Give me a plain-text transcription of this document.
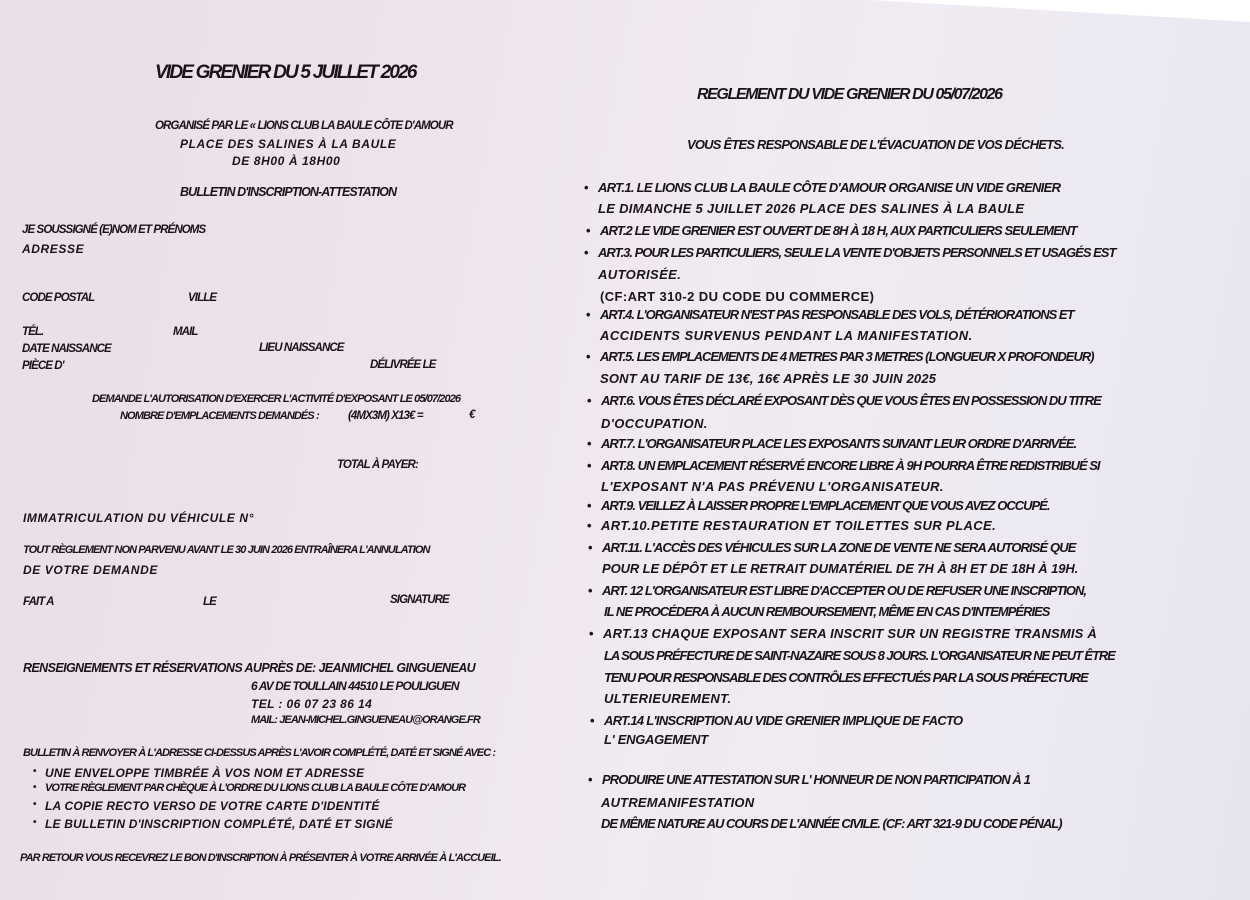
VIDE GRENIER DU 5 JUILLET 2026
ORGANISÉ PAR LE « LIONS CLUB LA BAULE CÔTE D'AMOUR
PLACE DES SALINES À LA BAULE
DE 8H00 À 18H00
BULLETIN D'INSCRIPTION-ATTESTATION
JE SOUSSIGNÉ (E)NOM ET PRÉNOMS
ADRESSE
CODE POSTAL	VILLE
TÉL.	MAIL
DATE NAISSANCE	LIEU NAISSANCE
PIÈCE D'	DÉLIVRÉE LE
DEMANDE L'AUTORISATION D'EXERCER L'ACTIVITÉ D'EXPOSANT LE 05/07/2026
NOMBRE D'EMPLACEMENTS DEMANDÉS :	(4MX3M) X13€ =	€
TOTAL À PAYER:
IMMATRICULATION DU VÉHICULE N°
TOUT RÈGLEMENT NON PARVENU AVANT LE 30 JUIN 2026 ENTRAÎNERA L'ANNULATION
DE VOTRE DEMANDE
FAIT A	LE	SIGNATURE
RENSEIGNEMENTS ET RÉSERVATIONS AUPRÈS DE: JEANMICHEL GINGUENEAU
6 AV DE TOULLAIN 44510 LE POULIGUEN
TEL : 06 07 23 86 14
MAIL: JEAN-MICHEL.GINGUENEAU@ORANGE.FR
BULLETIN À RENVOYER À L'ADRESSE CI-DESSUS APRÈS L'AVOIR COMPLÉTÉ, DATÉ ET SIGNÉ AVEC :
• UNE ENVELOPPE TIMBRÉE À VOS NOM ET ADRESSE
• VOTRE RÈGLEMENT PAR CHÈQUE À L'ORDRE DU LIONS CLUB LA BAULE CÔTE D'AMOUR
• LA COPIE RECTO VERSO DE VOTRE CARTE D'IDENTITÉ
• LE BULLETIN D'INSCRIPTION COMPLÉTÉ, DATÉ ET SIGNÉ
PAR RETOUR VOUS RECEVREZ LE BON D'INSCRIPTION À PRÉSENTER À VOTRE ARRIVÉE À L'ACCUEIL.
REGLEMENT DU VIDE GRENIER DU 05/07/2026
VOUS ÊTES RESPONSABLE DE L'ÉVACUATION DE VOS DÉCHETS.
• ART.1. LE LIONS CLUB LA BAULE CÔTE D'AMOUR ORGANISE UN VIDE GRENIER
LE DIMANCHE 5 JUILLET 2026 PLACE DES SALINES À LA BAULE
• ART.2 LE VIDE GRENIER EST OUVERT DE 8H À 18 H, AUX PARTICULIERS SEULEMENT
• ART.3. POUR LES PARTICULIERS, SEULE LA VENTE D'OBJETS PERSONNELS ET USAGÉS EST
AUTORISÉE.
(CF:ART 310-2 DU CODE DU COMMERCE)
• ART.4. L'ORGANISATEUR N'EST PAS RESPONSABLE DES VOLS, DÉTÉRIORATIONS ET
ACCIDENTS SURVENUS PENDANT LA MANIFESTATION.
• ART.5. LES EMPLACEMENTS DE 4 METRES PAR 3 METRES (LONGUEUR X PROFONDEUR)
SONT AU TARIF DE 13€, 16€ APRÈS LE 30 JUIN 2025
• ART.6. VOUS ÊTES DÉCLARÉ EXPOSANT DÈS QUE VOUS ÊTES EN POSSESSION DU TITRE
D'OCCUPATION.
• ART.7. L'ORGANISATEUR PLACE LES EXPOSANTS SUIVANT LEUR ORDRE D'ARRIVÉE.
• ART.8. UN EMPLACEMENT RÉSERVÉ ENCORE LIBRE À 9H POURRA ÊTRE REDISTRIBUÉ SI
L'EXPOSANT N'A PAS PRÉVENU L'ORGANISATEUR.
• ART.9. VEILLEZ À LAISSER PROPRE L'EMPLACEMENT QUE VOUS AVEZ OCCUPÉ.
• ART.10.PETITE RESTAURATION ET TOILETTES SUR PLACE.
• ART.11. L'ACCÈS DES VÉHICULES SUR LA ZONE DE VENTE NE SERA AUTORISÉ QUE
POUR LE DÉPÔT ET LE RETRAIT DUMATÉRIEL DE 7H À 8H ET DE 18H À 19H.
• ART. 12 L'ORGANISATEUR EST LIBRE D'ACCEPTER OU DE REFUSER UNE INSCRIPTION,
IL NE PROCÉDERA À AUCUN REMBOURSEMENT, MÊME EN CAS D'INTEMPÉRIES
• ART.13 CHAQUE EXPOSANT SERA INSCRIT SUR UN REGISTRE TRANSMIS À
LA SOUS PRÉFECTURE DE SAINT-NAZAIRE SOUS 8 JOURS. L'ORGANISATEUR NE PEUT ÊTRE
TENU POUR RESPONSABLE DES CONTRÔLES EFFECTUÉS PAR LA SOUS PRÉFECTURE
ULTERIEUREMENT.
• ART.14 L'INSCRIPTION AU VIDE GRENIER IMPLIQUE DE FACTO
L' ENGAGEMENT
• PRODUIRE UNE ATTESTATION SUR L' HONNEUR DE NON PARTICIPATION À 1
AUTREMANIFESTATION
DE MÊME NATURE AU COURS DE L'ANNÉE CIVILE. (CF: ART 321-9 DU CODE PÉNAL)
